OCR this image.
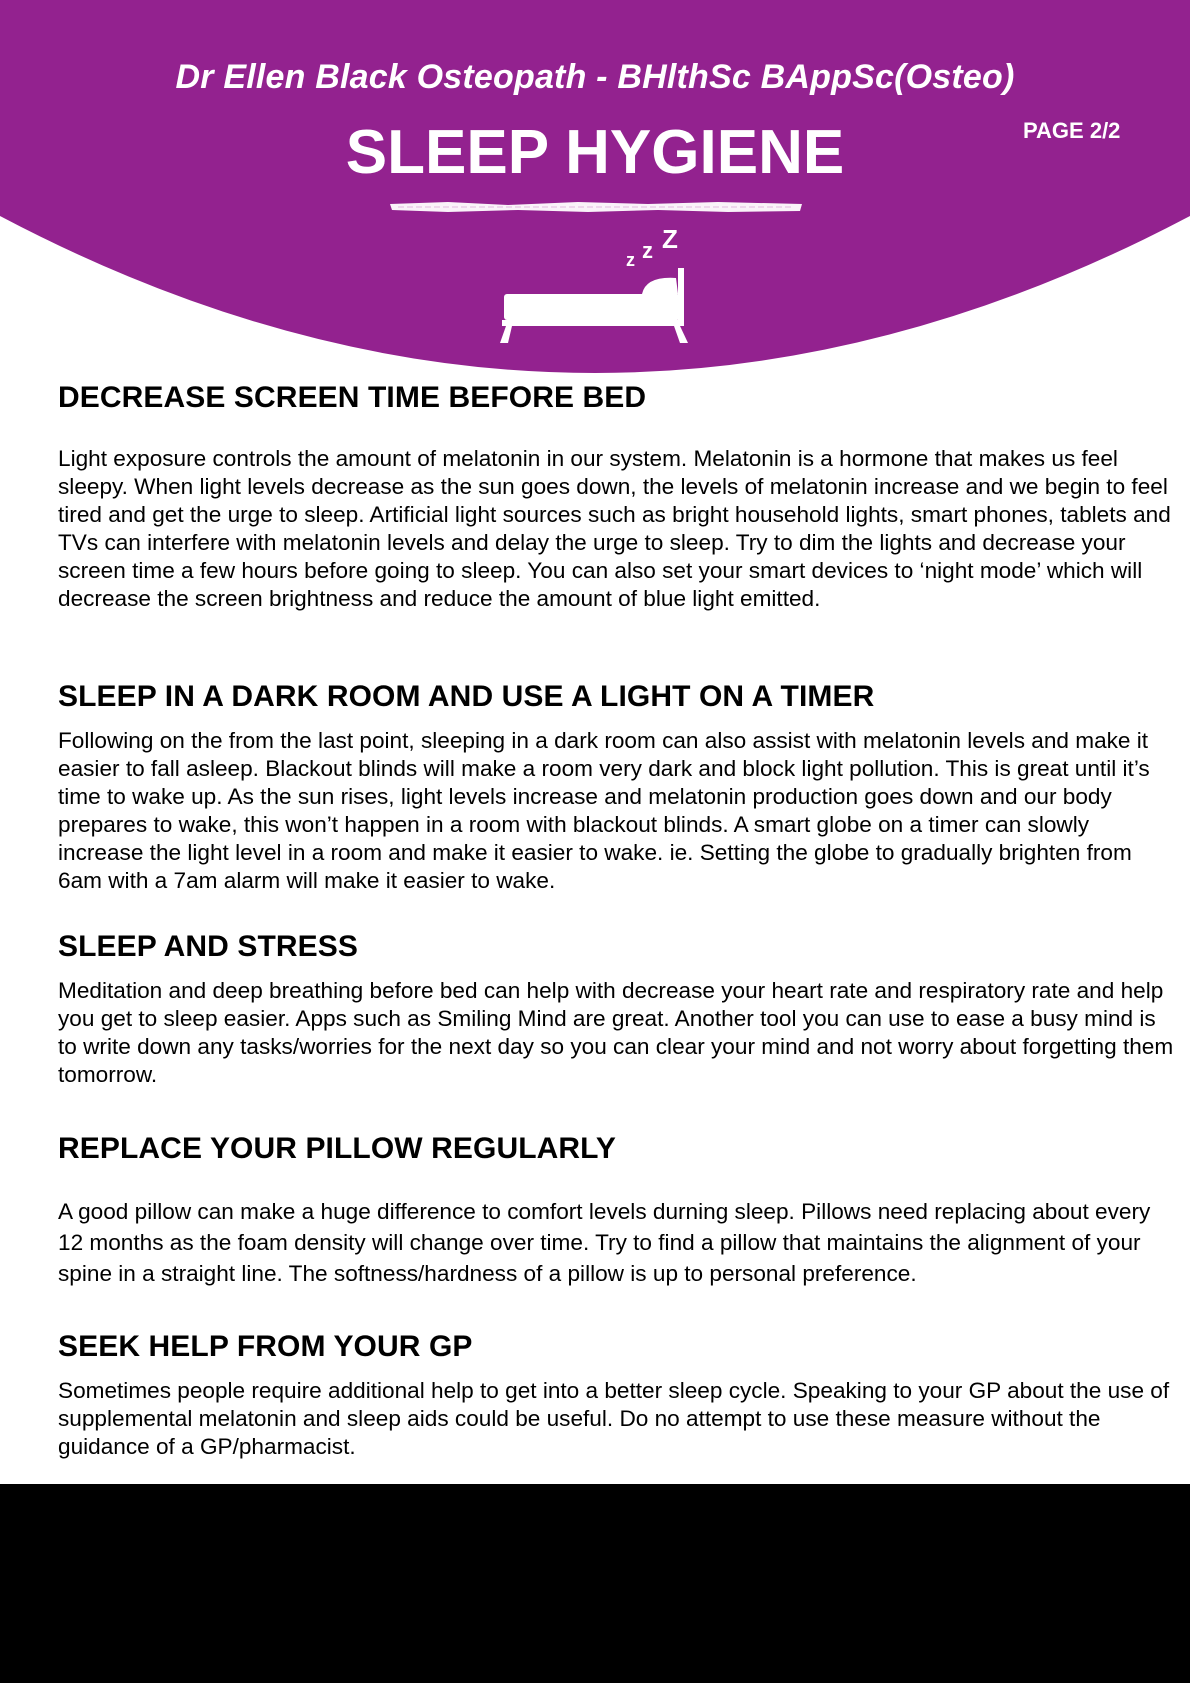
Dr Ellen Black Osteopath - BHlthSc BAppSc(Osteo)
SLEEP HYGIENE	PAGE 2/2
z z Z
DECREASE SCREEN TIME BEFORE BED

Light exposure controls the amount of melatonin in our system. Melatonin is a hormone that makes us feel sleepy. When light levels decrease as the sun goes down, the levels of melatonin increase and we begin to feel tired and get the urge to sleep. Artificial light sources such as bright household lights, smart phones, tablets and TVs can interfere with melatonin levels and delay the urge to sleep. Try to dim the lights and decrease your screen time a few hours before going to sleep. You can also set your smart devices to ‘night mode’ which will decrease the screen brightness and reduce the amount of blue light emitted.

SLEEP IN A DARK ROOM AND USE A LIGHT ON A TIMER

Following on the from the last point, sleeping in a dark room can also assist with melatonin levels and make it easier to fall asleep. Blackout blinds will make a room very dark and block light pollution. This is great until it’s time to wake up. As the sun rises, light levels increase and melatonin production goes down and our body prepares to wake, this won’t happen in a room with blackout blinds. A smart globe on a timer can slowly increase the light level in a room and make it easier to wake. ie. Setting the globe to gradually brighten from 6am with a 7am alarm will make it easier to wake.

SLEEP AND STRESS

Meditation and deep breathing before bed can help with decrease your heart rate and respiratory rate and help you get to sleep easier. Apps such as Smiling Mind are great. Another tool you can use to ease a busy mind is to write down any tasks/worries for the next day so you can clear your mind and not worry about forgetting them tomorrow.

REPLACE YOUR PILLOW REGULARLY

A good pillow can make a huge difference to comfort levels durning sleep. Pillows need replacing about every 12 months as the foam density will change over time. Try to find a pillow that maintains the alignment of your spine in a straight line. The softness/hardness of a pillow is up to personal preference.

SEEK HELP FROM YOUR GP

Sometimes people require additional help to get into a better sleep cycle. Speaking to your GP about the use of supplemental melatonin and sleep aids could be useful. Do no attempt to use these measure without the guidance of a GP/pharmacist.
